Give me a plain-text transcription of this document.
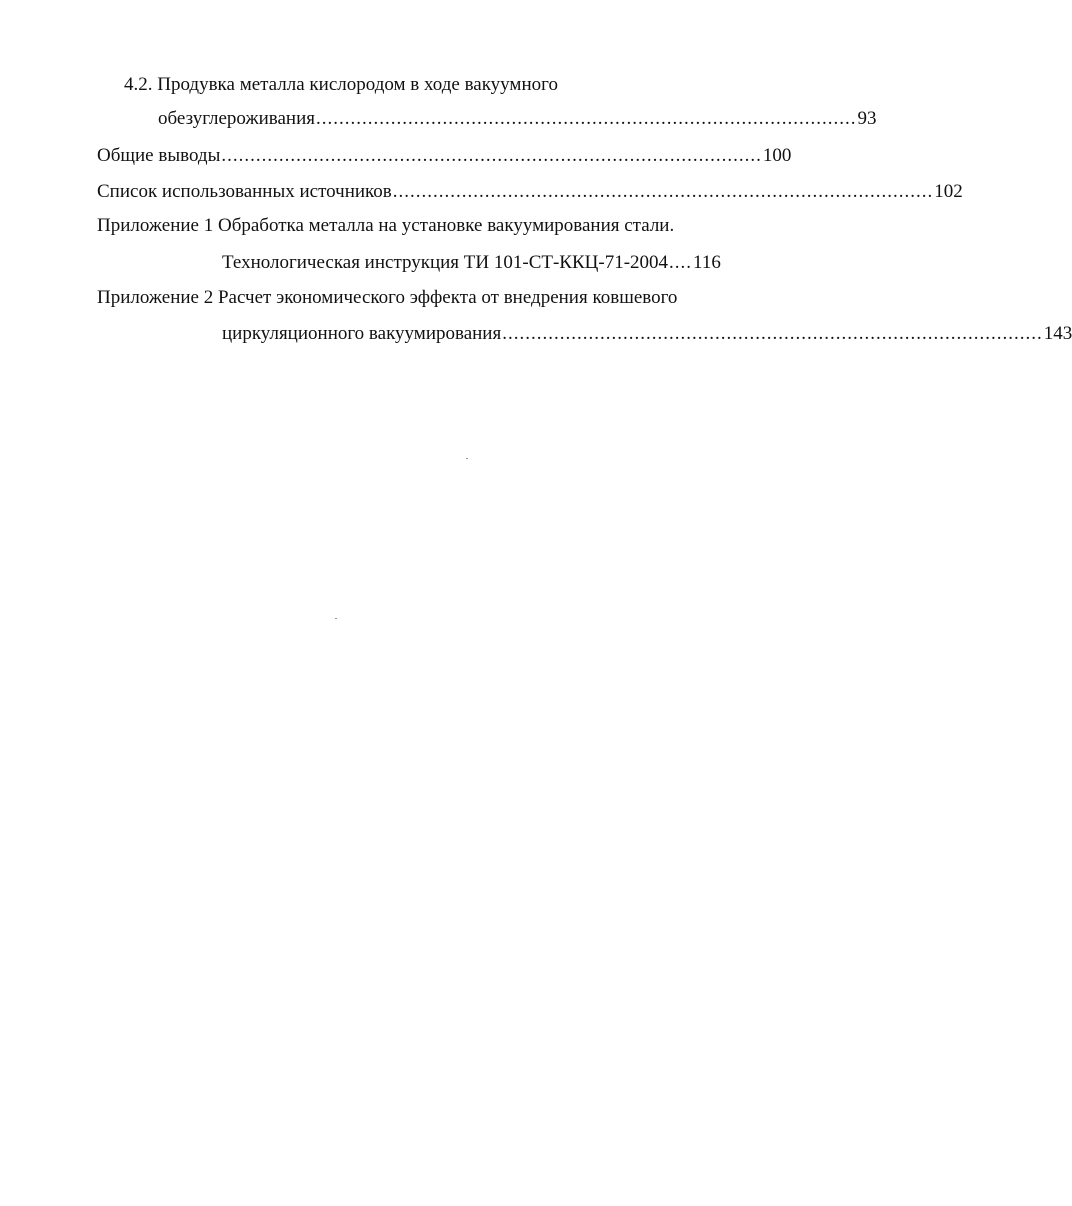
4.2. Продувка металла кислородом в ходе вакуумного
обезуглероживания .............................................................................................. 93
Общие выводы .............................................................................................. 100
Список использованных источников .............................................................................................. 102
Приложение 1 Обработка металла на установке вакуумирования стали.
Технологическая инструкция ТИ 101-СТ-ККЦ-71-2004 .... 116
Приложение 2 Расчет экономического эффекта от внедрения ковшевого
циркуляционного вакуумирования .............................................................................................. 143
